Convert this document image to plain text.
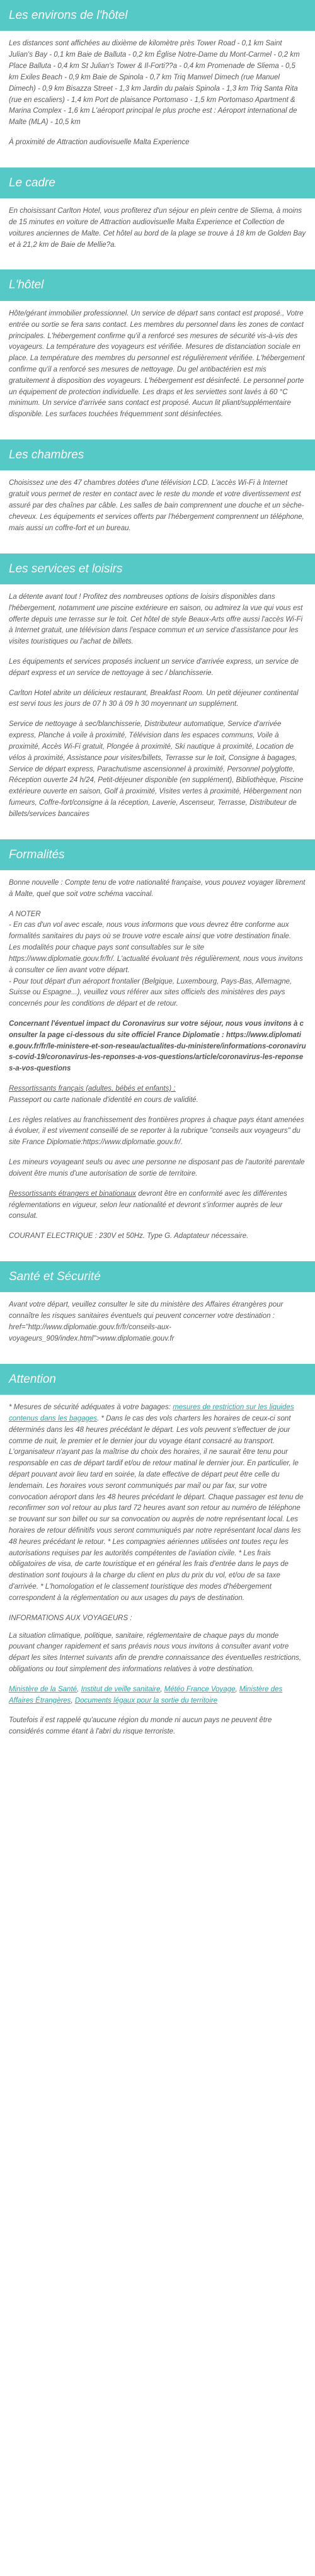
Les environs de l'hôtel

Les distances sont affichées au dixième de kilomètre près Tower Road - 0,1 km Saint Julian's Bay - 0,1 km Baie de Balluta - 0,2 km Église Notre-Dame du Mont-Carmel - 0,2 km Place Balluta - 0,4 km St Julian's Tower & Il-Forti??a - 0,4 km Promenade de Sliema - 0,5 km Exiles Beach - 0,9 km Baie de Spinola - 0,7 km Triq Manwel Dimech (rue Manuel Dimech) - 0,9 km Bisazza Street - 1,3 km Jardin du palais Spinola - 1,3 km Triq Santa Rita (rue en escaliers) - 1,4 km Port de plaisance Portomaso - 1,5 km Portomaso Apartment & Marina Complex - 1,6 km L'aéroport principal le plus proche est : Aéroport international de Malte (MLA) - 10,5 km

À proximité de Attraction audiovisuelle Malta Experience

Le cadre

En choisissant Carlton Hotel, vous profiterez d'un séjour en plein centre de Sliema, à moins de 15 minutes en voiture de Attraction audiovisuelle Malta Experience et Collection de voitures anciennes de Malte. Cet hôtel au bord de la plage se trouve à 18 km de Golden Bay et à 21,2 km de Baie de Mellie?a.

L'hôtel

Hôte/gérant immobilier professionnel. Un service de départ sans contact est proposé., Votre entrée ou sortie se fera sans contact. Les membres du personnel dans les zones de contact principales. L'hébergement confirme qu'il a renforcé ses mesures de sécurité vis-à-vis des voyageurs. La température des voyageurs est vérifiée. Mesures de distanciation sociale en place. La température des membres du personnel est régulièrement vérifiée. L'hébergement confirme qu'il a renforcé ses mesures de nettoyage. Du gel antibactérien est mis gratuitement à disposition des voyageurs. L'hébergement est désinfecté. Le personnel porte un équipement de protection individuelle. Les draps et les serviettes sont lavés à 60 °C minimum. Un service d'arrivée sans contact est proposé. Aucun lit pliant/supplémentaire disponible. Les surfaces touchées fréquemment sont désinfectées.

Les chambres

Choisissez une des 47 chambres dotées d'une télévision LCD. L'accès Wi-Fi à Internet gratuit vous permet de rester en contact avec le reste du monde et votre divertissement est assuré par des chaînes par câble. Les salles de bain comprennent une douche et un sèche-cheveux. Les équipements et services offerts par l'hébergement comprennent un téléphone, mais aussi un coffre-fort et un bureau.

Les services et loisirs

La détente avant tout ! Profitez des nombreuses options de loisirs disponibles dans l'hébergement, notamment une piscine extérieure en saison, ou admirez la vue qui vous est offerte depuis une terrasse sur le toit. Cet hôtel de style Beaux-Arts offre aussi l'accès Wi-Fi à Internet gratuit, une télévision dans l'espace commun et un service d'assistance pour les visites touristiques ou l'achat de billets.

Les équipements et services proposés incluent un service d'arrivée express, un service de départ express et un service de nettoyage à sec / blanchisserie.

Carlton Hotel abrite un délicieux restaurant, Breakfast Room. Un petit déjeuner continental est servi tous les jours de 07 h 30 à 09 h 30 moyennant un supplément.

Service de nettoyage à sec/blanchisserie, Distributeur automatique, Service d'arrivée express, Planche à voile à proximité, Télévision dans les espaces communs, Voile à proximité, Accès Wi-Fi gratuit, Plongée à proximité, Ski nautique à proximité, Location de vélos à proximité, Assistance pour visites/billets, Terrasse sur le toit, Consigne à bagages, Service de départ express, Parachutisme ascensionnel à proximité, Personnel polyglotte, Réception ouverte 24 h/24, Petit-déjeuner disponible (en supplément), Bibliothèque, Piscine extérieure ouverte en saison, Golf à proximité, Visites vertes à proximité, Hébergement non fumeurs, Coffre-fort/consigne à la réception, Laverie, Ascenseur, Terrasse, Distributeur de billets/services bancaires

Formalités

Bonne nouvelle : Compte tenu de votre nationalité française, vous pouvez voyager librement à Malte, quel que soit votre schéma vaccinal.

A NOTER
- En cas d'un vol avec escale, nous vous informons que vous devrez être conforme aux formalités sanitaires du pays où se trouve votre escale ainsi que votre destination finale.
Les modalités pour chaque pays sont consultables sur le site https://www.diplomatie.gouv.fr/fr/. L'actualité évoluant très régulièrement, nous vous invitons à consulter ce lien avant votre départ.
- Pour tout départ d'un aéroport frontalier (Belgique, Luxembourg, Pays-Bas, Allemagne, Suisse ou Espagne...), veuillez vous référer aux sites officiels des ministères des pays concernés pour les conditions de départ et de retour.

Concernant l'éventuel impact du Coronavirus sur votre séjour, nous vous invitons à consulter la page ci-dessous du site officiel France Diplomatie : https://www.diplomatie.gouv.fr/fr/le-ministere-et-son-reseau/actualites-du-ministere/informations-coronavirus-covid-19/coronavirus-les-reponses-a-vos-questions/article/coronavirus-les-reponses-a-vos-questions

Ressortissants français (adultes, bébés et enfants) :
Passeport ou carte nationale d'identité en cours de validité.

Les règles relatives au franchissement des frontières propres à chaque pays étant amenées à évoluer, il est vivement conseillé de se reporter à la rubrique "conseils aux voyageurs" du site France Diplomatie:https://www.diplomatie.gouv.fr/.

Les mineurs voyageant seuls ou avec une personne ne disposant pas de l'autorité parentale doivent être munis d'une autorisation de sortie de territoire.

Ressortissants étrangers et binationaux devront être en conformité avec les différentes réglementations en vigueur, selon leur nationalité et devront s'informer auprès de leur consulat.

COURANT ELECTRIQUE : 230V et 50Hz. Type G. Adaptateur nécessaire.

Santé et Sécurité

Avant votre départ, veuillez consulter le site du ministère des Affaires étrangères pour connaître les risques sanitaires éventuels qui peuvent concerner votre destination : href="http://www.diplomatie.gouv.fr/fr/conseils-aux-voyageurs_909/index.html">www.diplomatie.gouv.fr

Attention

* Mesures de sécurité adéquates à votre bagages: mesures de restriction sur les liquides contenus dans les bagages. * Dans le cas des vols charters les horaires de ceux-ci sont déterminés dans les 48 heures précédant le départ. Les vols peuvent s'effectuer de jour comme de nuit, le premier et le dernier jour du voyage étant consacré au transport. L'organisateur n'ayant pas la maîtrise du choix des horaires, il ne saurait être tenu pour responsable en cas de départ tardif et/ou de retour matinal le dernier jour. En particulier, le départ pouvant avoir lieu tard en soirée, la date effective de départ peut être celle du lendemain. Les horaires vous seront communiqués par mail ou par fax, sur votre convocation aéroport dans les 48 heures précédant le départ. Chaque passager est tenu de reconfirmer son vol retour au plus tard 72 heures avant son retour au numéro de téléphone se trouvant sur son billet ou sur sa convocation ou auprès de notre représentant local. Les horaires de retour définitifs vous seront communiqués par notre représentant local dans les 48 heures précédant le retour. * Les compagnies aériennes utilisées ont toutes reçu les autorisations requises par les autorités compétentes de l'aviation civile. * Les frais obligatoires de visa, de carte touristique et en général les frais d'entrée dans le pays de destination sont toujours à la charge du client en plus du prix du vol, et/ou de sa taxe d'arrivée. * L'homologation et le classement touristique des modes d'hébergement correspondent à la réglementation ou aux usages du pays de destination.

INFORMATIONS AUX VOYAGEURS :
La situation climatique, politique, sanitaire, réglementaire de chaque pays du monde pouvant changer rapidement et sans préavis nous vous invitons à consulter avant votre départ les sites Internet suivants afin de prendre connaissance des éventuelles restrictions, obligations ou tout simplement des informations relatives à votre destination.

Ministère de la Santé, Institut de veille sanitaire, Météo France Voyage, Ministère des Affaires Étrangères, Documents légaux pour la sortie du territoire

Toutefois il est rappelé qu'aucune région du monde ni aucun pays ne peuvent être considérés comme étant à l'abri du risque terroriste.
